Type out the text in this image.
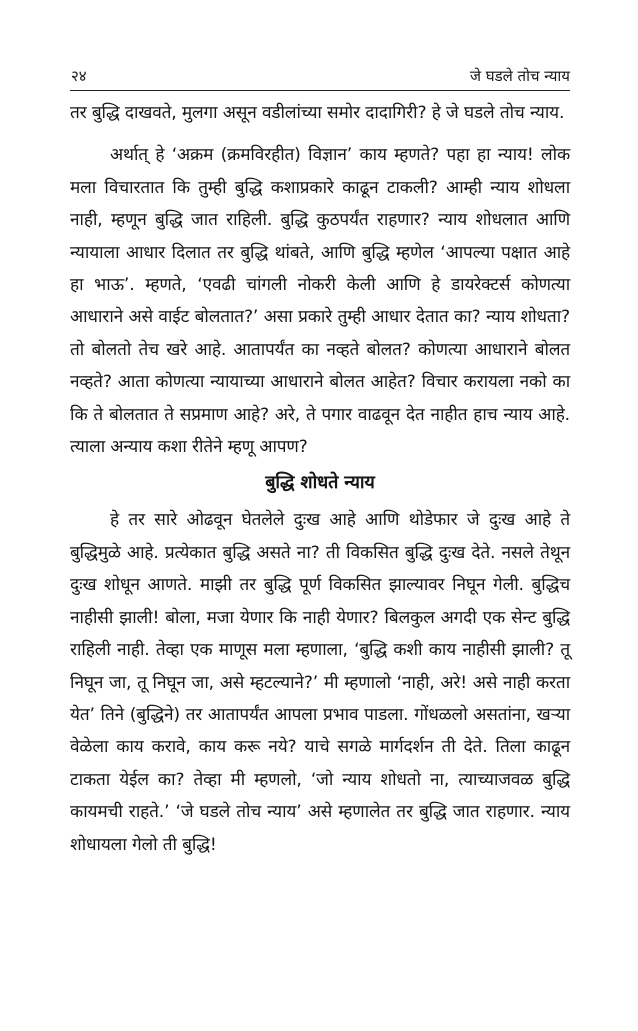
२४	जे घडले तोच न्याय

तर बुद्धि दाखवते, मुलगा असून वडीलांच्या समोर दादागिरी? हे जे घडले तोच न्याय.

अर्थात् हे ‘अक्रम (क्रमविरहीत) विज्ञान’ काय म्हणते? पहा हा न्याय! लोक मला विचारतात कि तुम्ही बुद्धि कशाप्रकारे काढून टाकली? आम्ही न्याय शोधला नाही, म्हणून बुद्धि जात राहिली. बुद्धि कुठपर्यंत राहणार? न्याय शोधलात आणि न्यायाला आधार दिलात तर बुद्धि थांबते, आणि बुद्धि म्हणेल ‘आपल्या पक्षात आहे हा भाऊ’. म्हणते, ‘एवढी चांगली नोकरी केली आणि हे डायरेक्टर्स कोणत्या आधाराने असे वाईट बोलतात?’ असा प्रकारे तुम्ही आधार देतात का? न्याय शोधता? तो बोलतो तेच खरे आहे. आतापर्यंत का नव्हते बोलत? कोणत्या आधाराने बोलत नव्हते? आता कोणत्या न्यायाच्या आधाराने बोलत आहेत? विचार करायला नको का कि ते बोलतात ते सप्रमाण आहे? अरे, ते पगार वाढवून देत नाहीत हाच न्याय आहे. त्याला अन्याय कशा रीतेने म्हणू आपण?

बुद्धि शोधते न्याय

हे तर सारे ओढवून घेतलेले दुःख आहे आणि थोडेफार जे दुःख आहे ते बुद्धिमुळे आहे. प्रत्येकात बुद्धि असते ना? ती विकसित बुद्धि दुःख देते. नसले तेथून दुःख शोधून आणते. माझी तर बुद्धि पूर्ण विकसित झाल्यावर निघून गेली. बुद्धिच नाहीसी झाली! बोला, मजा येणार कि नाही येणार? बिलकुल अगदी एक सेन्ट बुद्धि राहिली नाही. तेव्हा एक माणूस मला म्हणाला, ‘बुद्धि कशी काय नाहीसी झाली? तू निघून जा, तू निघून जा, असे म्हटल्याने?’ मी म्हणालो ‘नाही, अरे! असे नाही करता येत’ तिने (बुद्धिने) तर आतापर्यंत आपला प्रभाव पाडला. गोंधळलो असतांना, खऱ्या वेळेला काय करावे, काय करू नये? याचे सगळे मार्गदर्शन ती देते. तिला काढून टाकता येईल का? तेव्हा मी म्हणलो, ‘जो न्याय शोधतो ना, त्याच्याजवळ बुद्धि कायमची राहते.’ ‘जे घडले तोच न्याय’ असे म्हणालेत तर बुद्धि जात राहणार. न्याय शोधायला गेलो ती बुद्धि!
